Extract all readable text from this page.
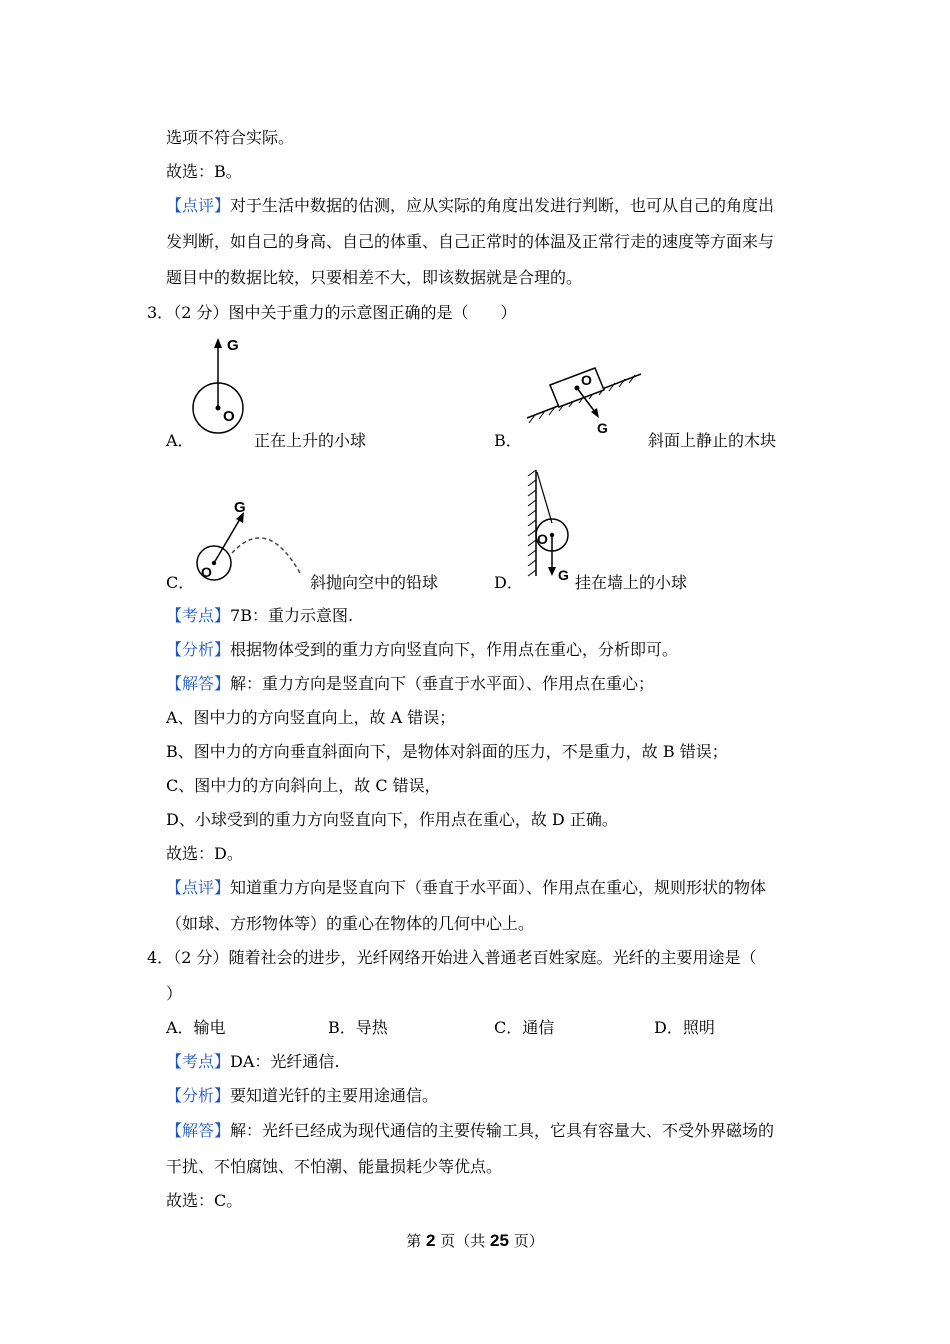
选项不符合实际。
故选：B。
【点评】对于生活中数据的估测，应从实际的角度出发进行判断，也可从自己的角度出
发判断，如自己的身高、自己的体重、自己正常时的体温及正常行走的速度等方面来与
题目中的数据比较，只要相差不大，即该数据就是合理的。
3．（2 分）图中关于重力的示意图正确的是（　　）
G
O
A．	正在上升的小球
O
G
B．	斜面上静止的木块
G
O
C．	斜抛向空中的铅球
O
G
D．	挂在墙上的小球
【考点】7B：重力示意图.
【分析】根据物体受到的重力方向竖直向下，作用点在重心，分析即可。
【解答】解：重力方向是竖直向下（垂直于水平面）、作用点在重心；
A、图中力的方向竖直向上，故 A 错误；
B、图中力的方向垂直斜面向下，是物体对斜面的压力，不是重力，故 B 错误；
C、图中力的方向斜向上，故 C 错误，
D、小球受到的重力方向竖直向下，作用点在重心，故 D 正确。
故选：D。
【点评】知道重力方向是竖直向下（垂直于水平面）、作用点在重心，规则形状的物体
（如球、方形物体等）的重心在物体的几何中心上。
4．（2 分）随着社会的进步，光纤网络开始进入普通老百姓家庭。光纤的主要用途是（
）
A．输电	B．导热	C．通信	D．照明
【考点】DA：光纤通信.
【分析】要知道光钎的主要用途通信。
【解答】解：光纤已经成为现代通信的主要传输工具，它具有容量大、不受外界磁场的
干扰、不怕腐蚀、不怕潮、能量损耗少等优点。
故选：C。
第 2 页（共 25 页）
